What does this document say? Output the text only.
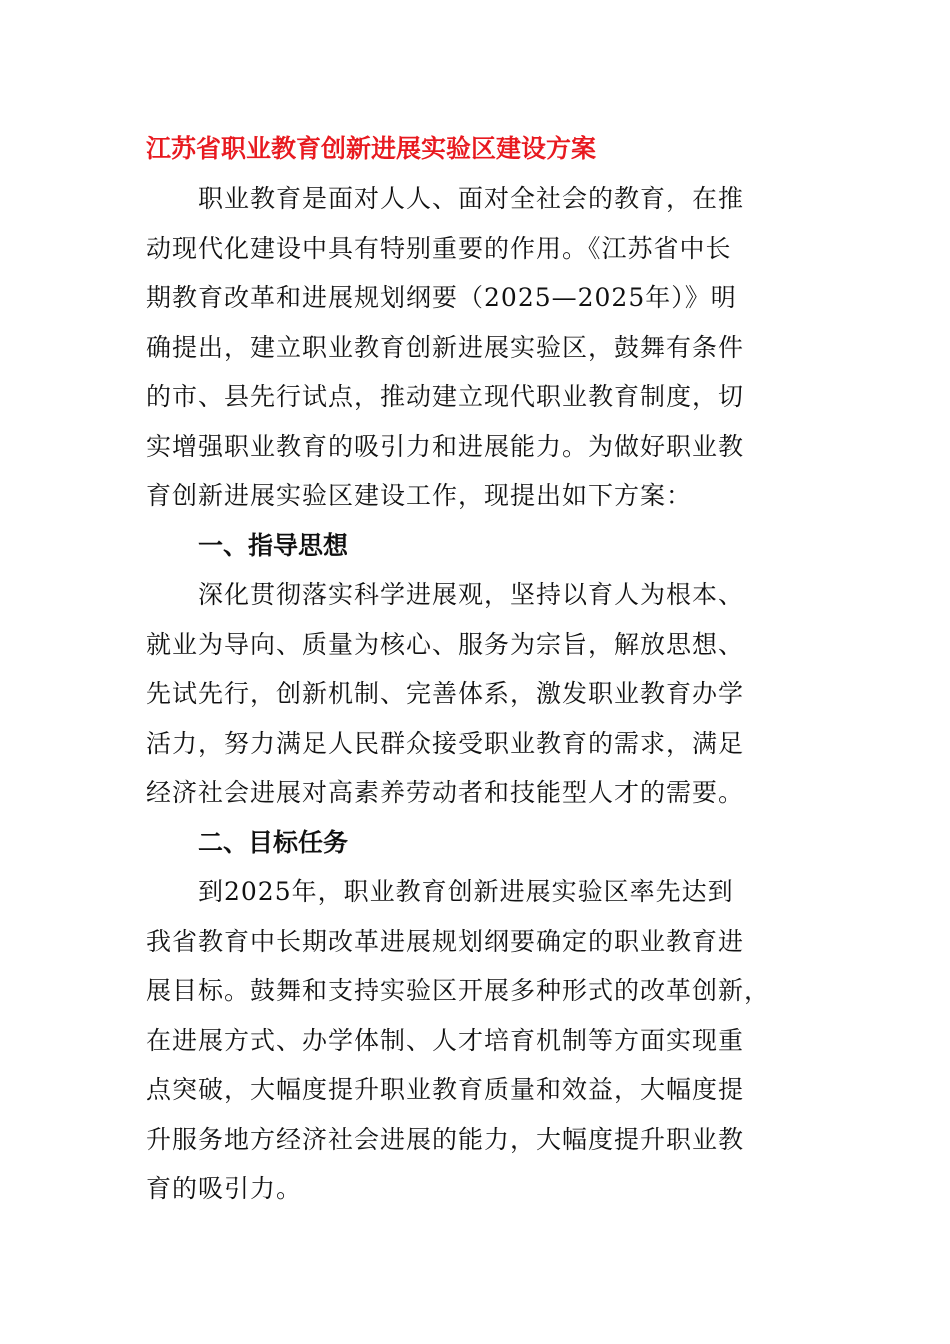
江苏省职业教育创新进展实验区建设方案

职业教育是面对人人、面对全社会的教育，在推
动现代化建设中具有特别重要的作用。《江苏省中长
期教育改革和进展规划纲要（2025—2025年）》明
确提出，建立职业教育创新进展实验区，鼓舞有条件
的市、县先行试点，推动建立现代职业教育制度，切
实增强职业教育的吸引力和进展能力。为做好职业教
育创新进展实验区建设工作，现提出如下方案：

一、指导思想

深化贯彻落实科学进展观，坚持以育人为根本、
就业为导向、质量为核心、服务为宗旨，解放思想、
先试先行，创新机制、完善体系，激发职业教育办学
活力，努力满足人民群众接受职业教育的需求，满足
经济社会进展对高素养劳动者和技能型人才的需要。

二、目标任务

到2025年，职业教育创新进展实验区率先达到
我省教育中长期改革进展规划纲要确定的职业教育进
展目标。鼓舞和支持实验区开展多种形式的改革创新，
在进展方式、办学体制、人才培育机制等方面实现重
点突破，大幅度提升职业教育质量和效益，大幅度提
升服务地方经济社会进展的能力，大幅度提升职业教
育的吸引力。
